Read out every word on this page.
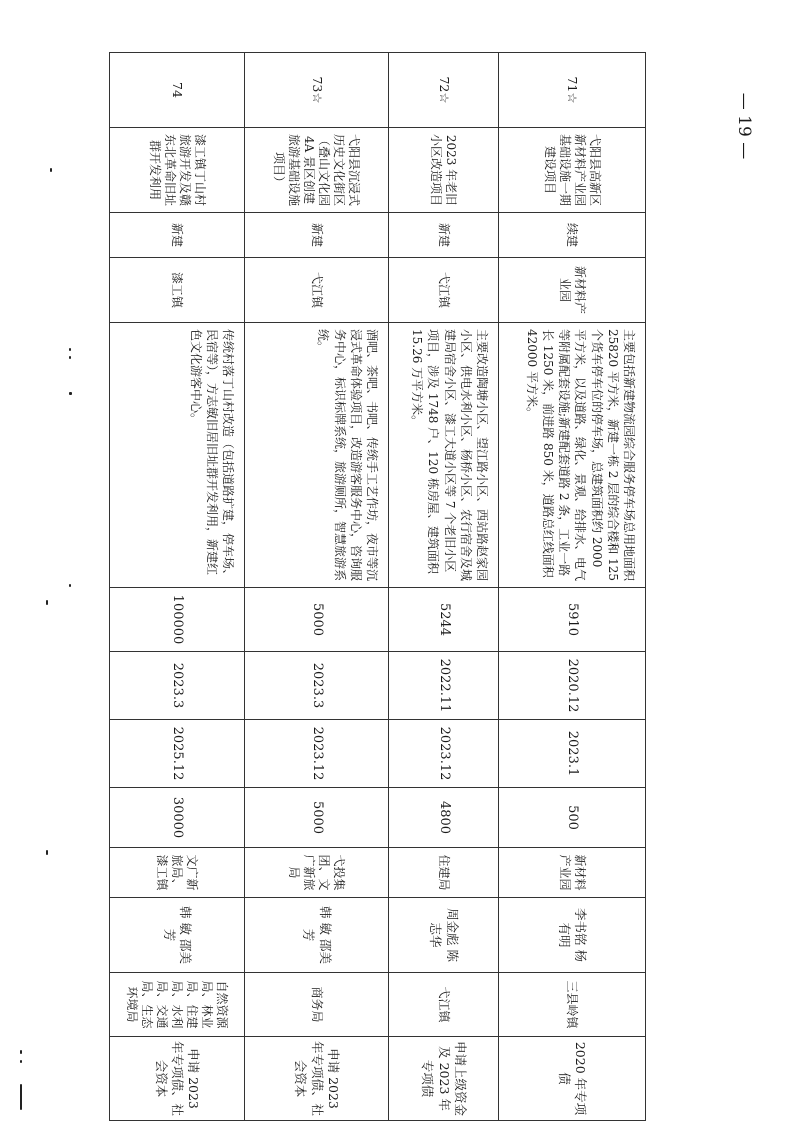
— 19 —
71☆	弋阳县高新区新材料产业园基础设施一期建设项目	续建	新材料产业园	主要包括新建物流园综合服务停车场总用地面积 25820 平方米，新建一栋 2 层的综合楼和 125 个货车停车位的停车场，总建筑面积约 2000 平方米，以及道路、绿化、景观、给排水、电气等附属配套设施;新建配套道路 2 条，工业一路长 1250 米，前进路 850 米，道路总红线面积 42000 平方米。	5910	2020.12	2023.1	500	新材料产业园	李书铭 杨有明	三县岭镇	2020 年专项债
72☆	2023 年老旧小区改造项目	新建	弋江镇	主要改造陶塘小区、望江路小区、西站路赵家园小区、供电水利小区、杨桥小区、农行宿舍及城建局宿舍小区、漆工大道小区等 7 个老旧小区项目，涉及 1748 户、120 栋房屋、建筑面积 15.26 万平方米。	5244	2022.11	2023.12	4800	住建局	周金彪 陈志华	弋江镇	申请上级资金及 2023 年专项债
73☆	弋阳县沉浸式历史文化街区（叠山文化园 4A 景区创建旅游基础设施项目）	新建	弋江镇	酒吧、茶吧、书吧、传统手工艺作坊，夜市等沉浸式革命体验项目，改造游客服务中心，咨询服务中心，标识标牌系统，旅游厕所，智慧旅游系统。	5000	2023.3	2023.12	5000	弋投集团、文广新旅局	韩 敏 邵美芳	商务局	申请 2023 年专项债、社会资本
74	漆工镇丁山村旅游开发及赣东北革命旧址群开发利用	新建	漆工镇	传统村落丁山村改造（包括道路扩建，停车场、民宿等），方志敏旧居旧址群开发利用，新建红色文化游客中心。	100000	2023.3	2025.12	30000	文广新旅局、漆工镇	韩 敏 邵美芳	自然资源局、林业局、住建局、水利局、交通局、生态环境局	申请 2023 年专项债、社会资本
